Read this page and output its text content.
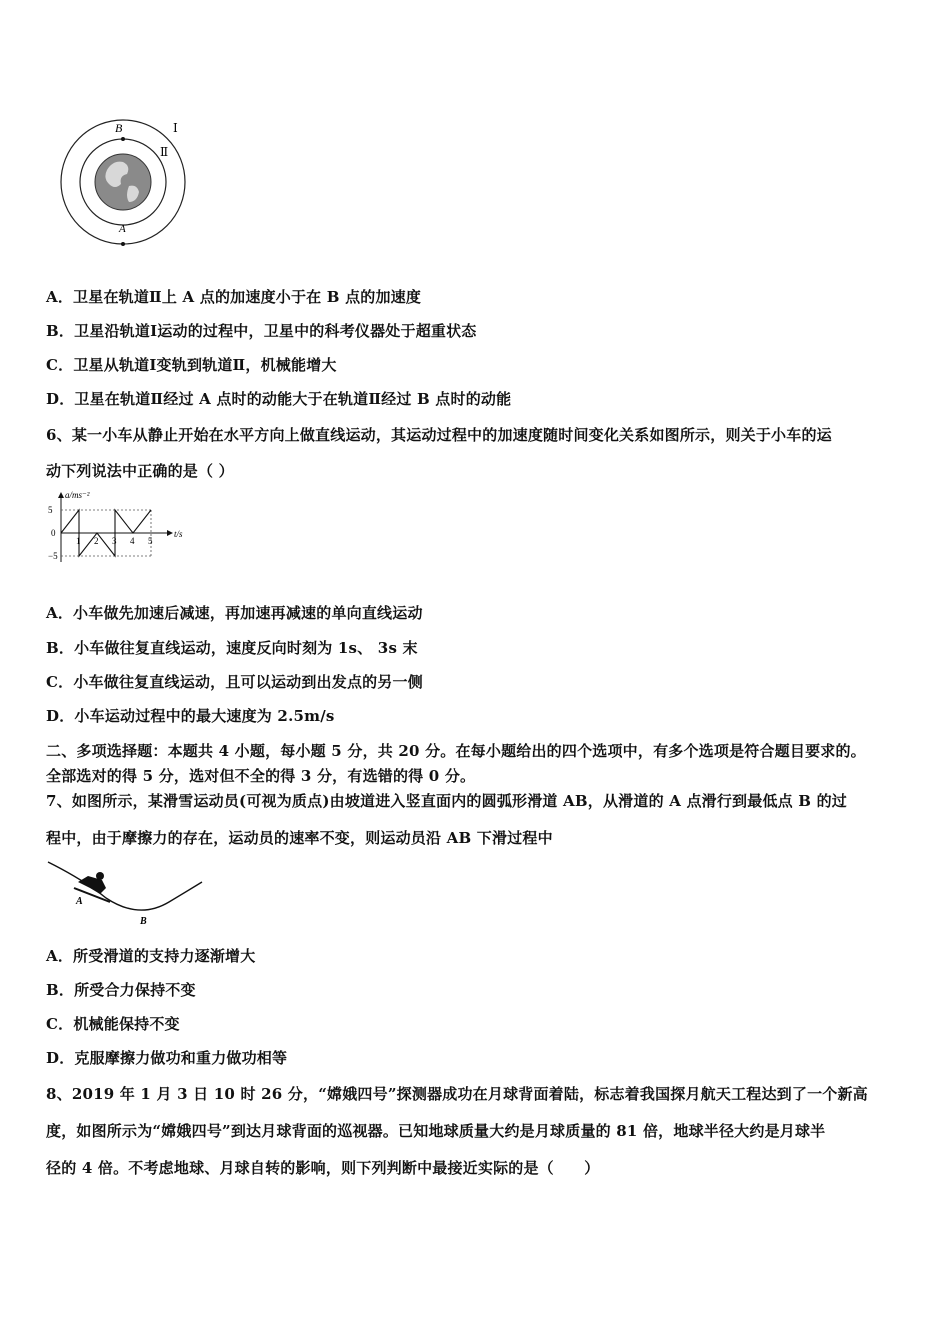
B
A
Ⅰ
Ⅱ
A．卫星在轨道Ⅱ上 A 点的加速度小于在 B 点的加速度
B．卫星沿轨道Ⅰ运动的过程中，卫星中的科考仪器处于超重状态
C．卫星从轨道Ⅰ变轨到轨道Ⅱ，机械能增大
D．卫星在轨道Ⅱ经过 A 点时的动能大于在轨道Ⅱ经过 B 点时的动能
6、某一小车从静止开始在水平方向上做直线运动，其运动过程中的加速度随时间变化关系如图所示，则关于小车的运
动下列说法中正确的是（ ）
1 2 3 4 5
5
−5
a/ms⁻²
t/s
0
A．小车做先加速后减速，再加速再减速的单向直线运动
B．小车做往复直线运动，速度反向时刻为 1s、 3s 末
C．小车做往复直线运动，且可以运动到出发点的另一侧
D．小车运动过程中的最大速度为 2.5m/s
二、多项选择题：本题共 4 小题，每小题 5 分，共 20 分。在每小题给出的四个选项中，有多个选项是符合题目要求的。
全部选对的得 5 分，选对但不全的得 3 分，有选错的得 0 分。
7、如图所示，某滑雪运动员(可视为质点)由坡道进入竖直面内的圆弧形滑道 AB，从滑道的 A 点滑行到最低点 B 的过
程中，由于摩擦力的存在，运动员的速率不变，则运动员沿 AB 下滑过程中
A
B
A．所受滑道的支持力逐渐增大
B．所受合力保持不变
C．机械能保持不变
D．克服摩擦力做功和重力做功相等
8、2019 年 1 月 3 日 10 时 26 分，“嫦娥四号”探测器成功在月球背面着陆，标志着我国探月航天工程达到了一个新高
度，如图所示为“嫦娥四号”到达月球背面的巡视器。已知地球质量大约是月球质量的 81 倍，地球半径大约是月球半
径的 4 倍。不考虑地球、月球自转的影响，则下列判断中最接近实际的是（　　）
